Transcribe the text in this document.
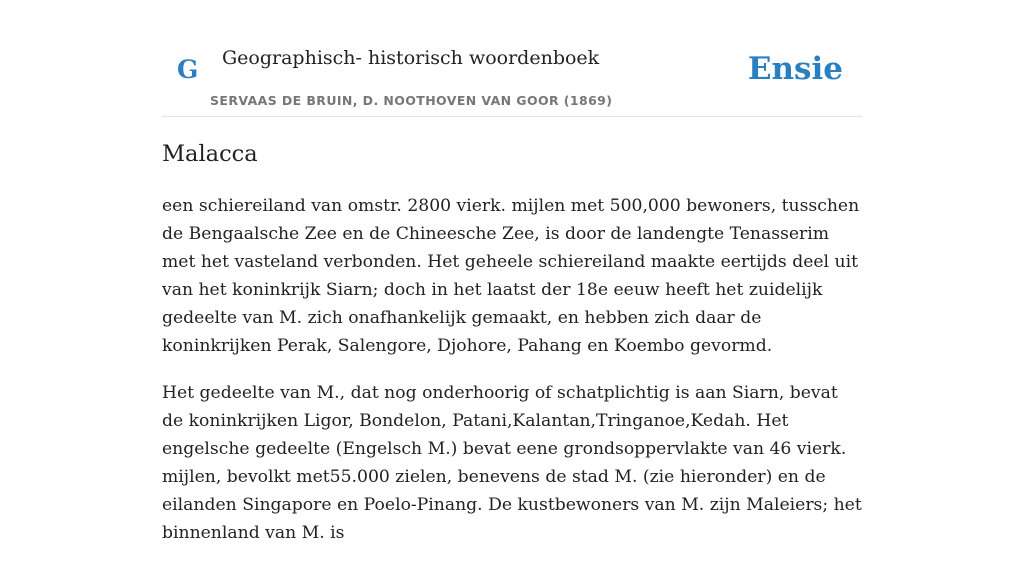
G Geographisch- historisch woordenboek
SERVAAS DE BRUIN, D. NOOTHOVEN VAN GOOR (1869)
Ensie
Malacca

een schiereiland van omstr. 2800 vierk. mijlen met 500,000 bewoners, tusschen de Bengaalsche Zee en de Chineesche Zee, is door de landengte Tenasserim met het vasteland verbonden. Het geheele schiereiland maakte eertijds deel uit van het koninkrijk Siarn; doch in het laatst der 18e eeuw heeft het zuidelijk gedeelte van M. zich onafhankelijk gemaakt, en hebben zich daar de koninkrijken Perak, Salengore, Djohore, Pahang en Koembo gevormd.

Het gedeelte van M., dat nog onderhoorig of schatplichtig is aan Siarn, bevat de koninkrijken Ligor, Bondelon, Patani,Kalantan,Tringanoe,Kedah. Het engelsche gedeelte (Engelsch M.) bevat eene grondsoppervlakte van 46 vierk. mijlen, bevolkt met55.000 zielen, benevens de stad M. (zie hieronder) en de eilanden Singapore en Poelo-Pinang. De kustbewoners van M. zijn Maleiers; het binnenland van M. is
